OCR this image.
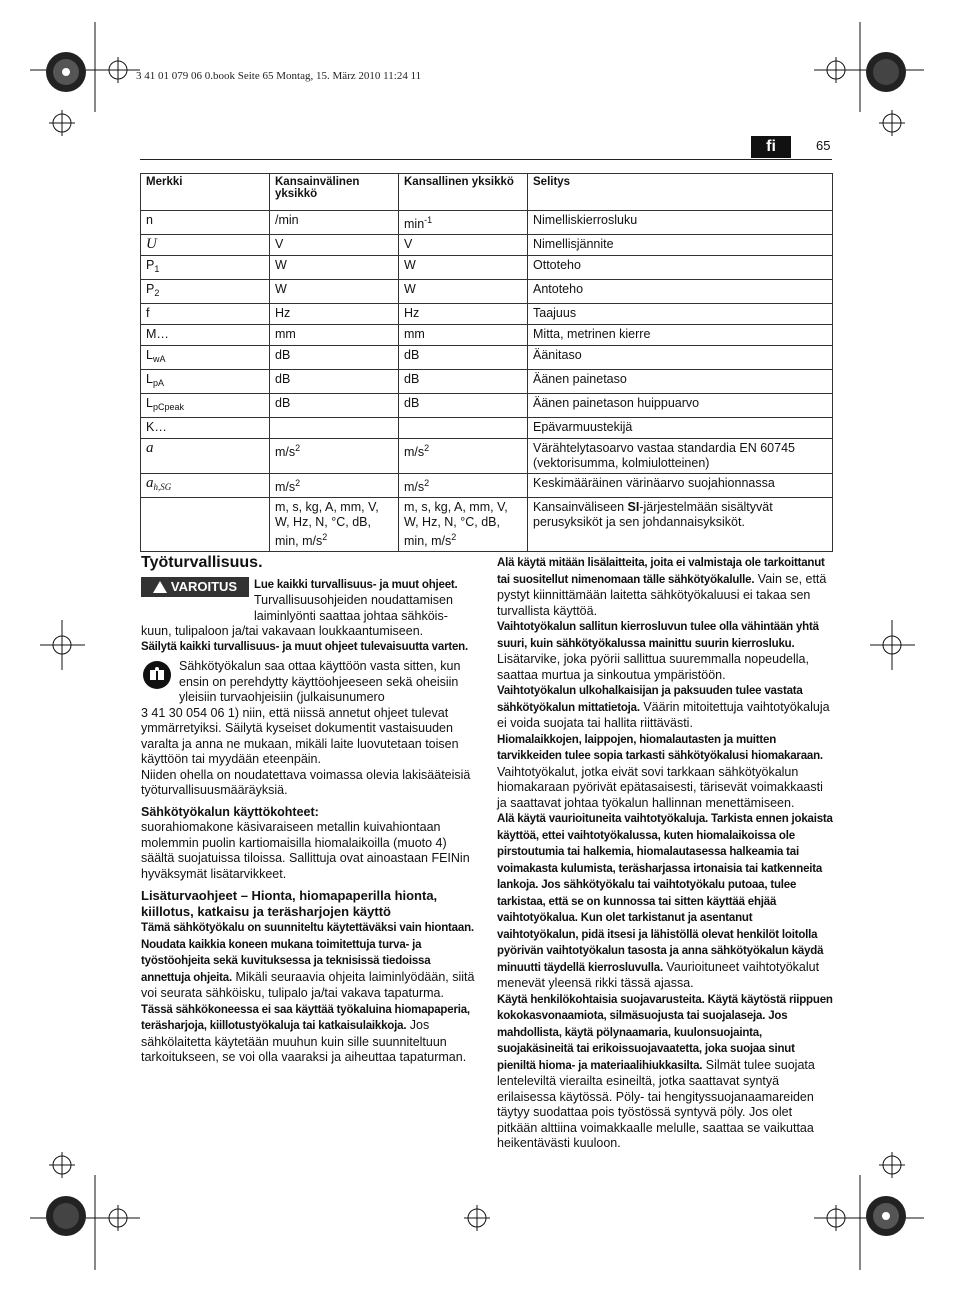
3 41 01 079 06 0.book Seite 65 Montag, 15. März 2010 11:24 11
fi	65
Merkki	Kansainvälinen yksikkö	Kansallinen yksikkö	Selitys
n	/min	$\min^{-1}$	Nimelliskierrosluku
U	V	V	Nimellisjännite
$P_1$	W	W	Ottoteho
$P_2$	W	W	Antoteho
f	Hz	Hz	Taajuus
M…	mm	mm	Mitta, metrinen kierre
$L_{wA}$	dB	dB	Äänitaso
$L_{pA}$	dB	dB	Äänen painetaso
$L_{pCpeak}$	dB	dB	Äänen painetason huippuarvo
K…			Epävarmuustekijä
a	$m/s^2$	$m/s^2$	Värähtelytasoarvo vastaa standardia EN 60745 (vektorisumma, kolmiulotteinen)
$a_{h,SG}$	$m/s^2$	$m/s^2$	Keskimääräinen värinäarvo suojahionnassa
	m, s, kg, A, mm, V, W, Hz, N, °C, dB, min, $m/s^2$	m, s, kg, A, mm, V, W, Hz, N, °C, dB, min, $m/s^2$	Kansainväliseen SI-järjestelmään sisältyvät perusyksiköt ja sen johdannaisyksiköt.
Työturvallisuus.
VAROITUS Lue kaikki turvallisuus- ja muut ohjeet. Turvallisuusohjeiden noudattamisen laiminlyönti saattaa johtaa sähköis-

kuun, tulipaloon ja/tai vakavaan loukkaantumiseen.

Säilytä kaikki turvallisuus- ja muut ohjeet tulevaisuutta varten.

Sähkötyökalun saa ottaa käyttöön vasta sitten, kun ensin on perehdytty käyttöohjeeseen sekä oheisiin yleisiin turvaohjeisiin (julkaisunumero

3 41 30 054 06 1) niin, että niissä annetut ohjeet tulevat ymmärretyiksi. Säilytä kyseiset dokumentit vastaisuuden varalta ja anna ne mukaan, mikäli laite luovutetaan toisen käyttöön tai myydään eteenpäin.

Niiden ohella on noudatettava voimassa olevia lakisääteisiä työturvallisuusmääräyksiä.

Sähkötyökalun käyttökohteet:

suorahiomakone käsivaraiseen metallin kuivahiontaan molemmin puolin kartiomaisilla hiomalaikoilla (muoto 4) säältä suojatuissa tiloissa. Sallittuja ovat ainoastaan FEINin hyväksymät lisätarvikkeet.

Lisäturvaohjeet – Hionta, hiomapaperilla hionta, kiillotus, katkaisu ja teräsharjojen käyttö

Tämä sähkötyökalu on suunniteltu käytettäväksi vain hiontaan. Noudata kaikkia koneen mukana toimitettuja turva- ja työstöohjeita sekä kuvituksessa ja teknisissä tiedoissa annettuja ohjeita. Mikäli seuraavia ohjeita laiminlyödään, siitä voi seurata sähköisku, tulipalo ja/tai vakava tapaturma.

Tässä sähkökoneessa ei saa käyttää työkaluina hiomapaperia, teräsharjoja, kiillotustyökaluja tai katkaisulaikkoja. Jos sähkölaitetta käytetään muuhun kuin sille suunniteltuun tarkoitukseen, se voi olla vaaraksi ja aiheuttaa tapaturman.

Alä käytä mitään lisälaitteita, joita ei valmistaja ole tarkoittanut tai suositellut nimenomaan tälle sähkötyökalulle. Vain se, että pystyt kiinnittämään laitetta sähkötyökaluusi ei takaa sen turvallista käyttöä.

Vaihtotyökalun sallitun kierrosluvun tulee olla vähintään yhtä suuri, kuin sähkötyökalussa mainittu suurin kierrosluku. Lisätarvike, joka pyörii sallittua suuremmalla nopeudella, saattaa murtua ja sinkoutua ympäristöön.

Vaihtotyökalun ulkohalkaisijan ja paksuuden tulee vastata sähkötyökalun mittatietoja. Väärin mitoitettuja vaihtotyökaluja ei voida suojata tai hallita riittävästi.

Hiomalaikkojen, laippojen, hiomalautasten ja muitten tarvikkeiden tulee sopia tarkasti sähkötyökalusi hiomakaraan. Vaihtotyökalut, jotka eivät sovi tarkkaan sähkötyökalun hiomakaraan pyörivät epätasaisesti, tärisevät voimakkaasti ja saattavat johtaa työkalun hallinnan menettämiseen.

Alä käytä vaurioituneita vaihtotyökaluja. Tarkista ennen jokaista käyttöä, ettei vaihtotyökalussa, kuten hiomalaikoissa ole pirstoutumia tai halkemia, hiomalautasessa halkeamia tai voimakasta kulumista, teräsharjassa irtonaisia tai katkenneita lankoja. Jos sähkötyökalu tai vaihtotyökalu putoaa, tulee tarkistaa, että se on kunnossa tai sitten käyttää ehjää vaihtotyökalua. Kun olet tarkistanut ja asentanut vaihtotyökalun, pidä itsesi ja lähistöllä olevat henkilöt loitolla pyörivän vaihtotyökalun tasosta ja anna sähkötyökalun käydä minuutti täydellä kierrosluvulla. Vaurioituneet vaihtotyökalut menevät yleensä rikki tässä ajassa.

Käytä henkilökohtaisia suojavarusteita. Käytä käytöstä riippuen kokokasvonaamiota, silmäsuojusta tai suojalaseja. Jos mahdollista, käytä pölynaamaria, kuulonsuojainta, suojakäsineitä tai erikoissuojavaatetta, joka suojaa sinut pieniltä hioma- ja materiaalihiukkasilta. Silmät tulee suojata lenteleviltä vierailta esineiltä, jotka saattavat syntyä erilaisessa käytössä. Pöly- tai hengityssuojanaamareiden täytyy suodattaa pois työstössä syntyvä pöly. Jos olet pitkään alttiina voimakkaalle melulle, saattaa se vaikuttaa heikentävästi kuuloon.
